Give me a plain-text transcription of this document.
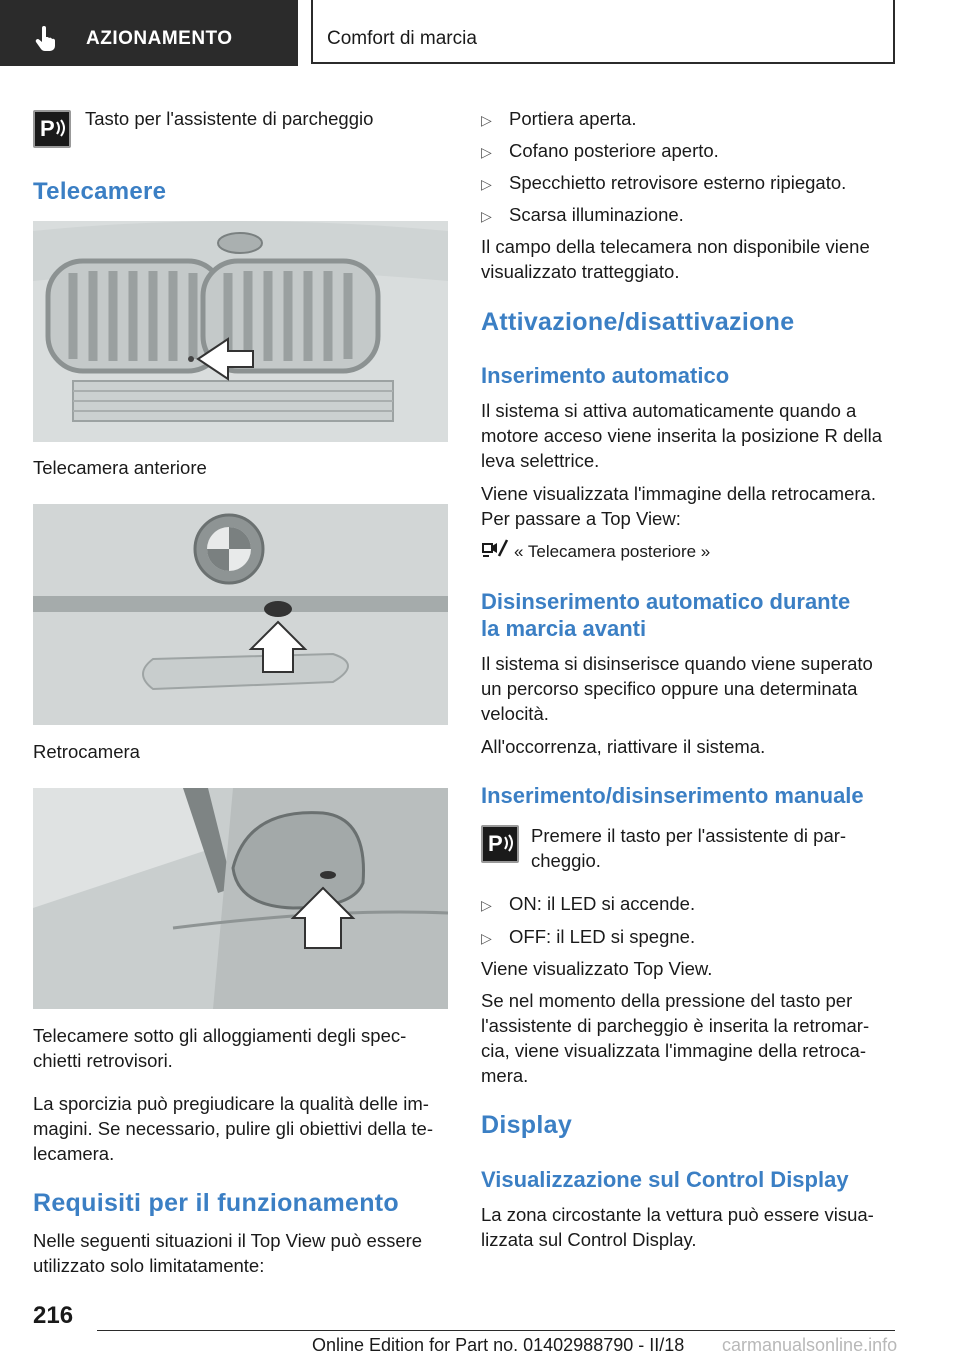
AZIONAMENTO	Comfort di marcia
P Tasto per l'assistente di parcheggio

Telecamere

Telecamera anteriore

Retrocamera

Telecamere sotto gli alloggiamenti degli spec-

chietti retrovisori.

La sporcizia può pregiudicare la qualità delle im-

magini. Se necessario, pulire gli obiettivi della te-

lecamera.

Requisiti per il funzionamento

Nelle seguenti situazioni il Top View può essere

utilizzato solo limitatamente:

▷ Portiera aperta.
▷ Cofano posteriore aperto.
▷ Specchietto retrovisore esterno ripiegato.
▷ Scarsa illuminazione.

Il campo della telecamera non disponibile viene

visualizzato tratteggiato.

Attivazione/disattivazione
Inserimento automatico

Il sistema si attiva automaticamente quando a

motore acceso viene inserita la posizione R della

leva selettrice.

Viene visualizzata l'immagine della retrocamera.

Per passare a Top View:

« Telecamera posteriore »

Disinserimento automatico durante
la marcia avanti

Il sistema si disinserisce quando viene superato

un percorso specifico oppure una determinata

velocità.

All'occorrenza, riattivare il sistema.

Inserimento/disinserimento manuale
P Premere il tasto per l'assistente di par-

cheggio.

▷ ON: il LED si accende.
▷ OFF: il LED si spegne.

Viene visualizzato Top View.

Se nel momento della pressione del tasto per

l'assistente di parcheggio è inserita la retromar-

cia, viene visualizzata l'immagine della retroca-

mera.

Display
Visualizzazione sul Control Display

La zona circostante la vettura può essere visua-

lizzata sul Control Display.

216
Online Edition for Part no. 01402988790 - II/18 carmanualsonline.info
